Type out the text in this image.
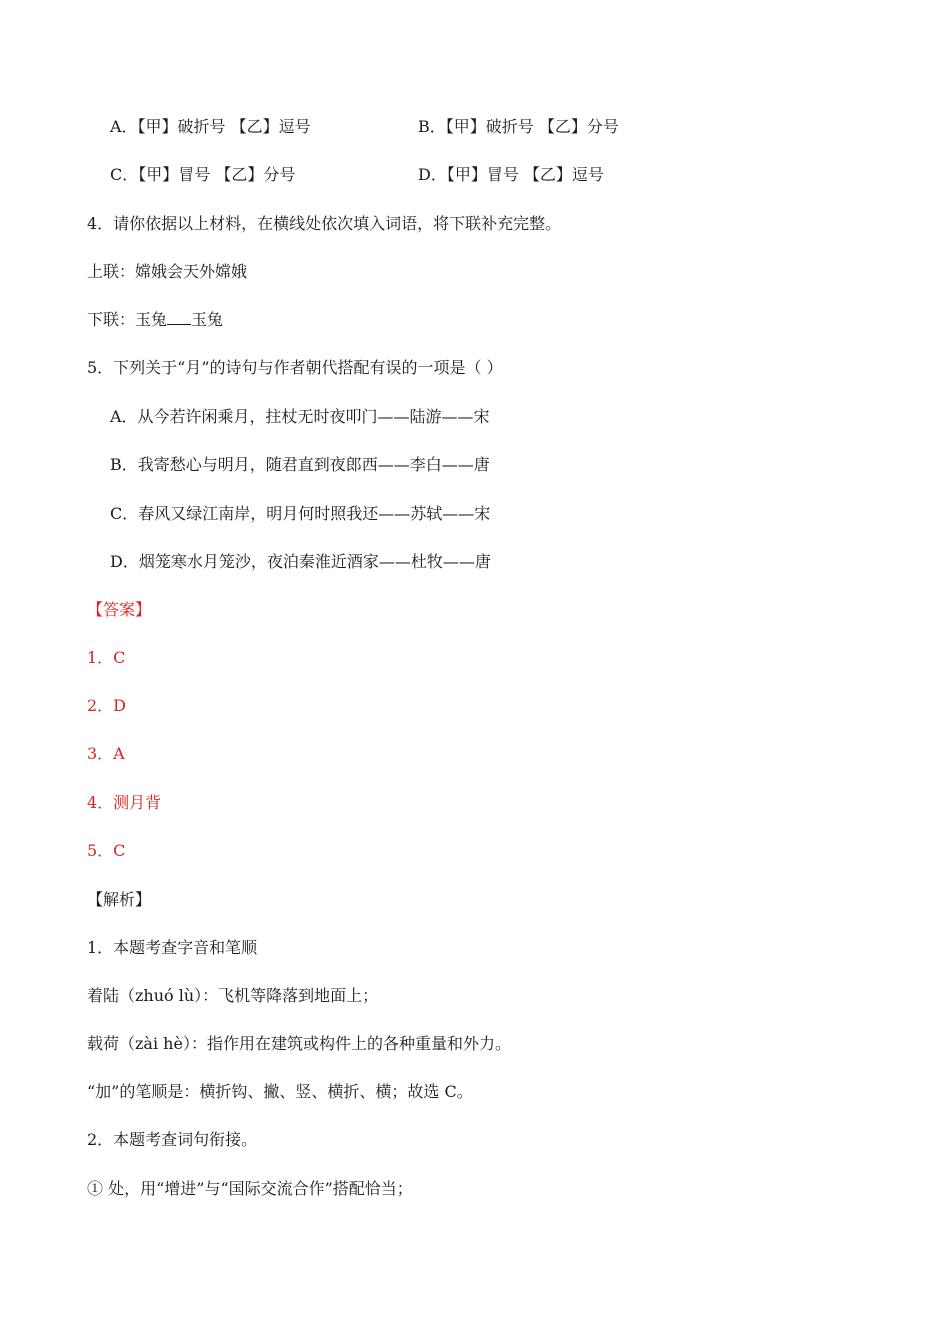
A．【甲】破折号 【乙】逗号	B．【甲】破折号 【乙】分号
C．【甲】冒号 【乙】分号	D．【甲】冒号 【乙】逗号
4．请你依据以上材料，在横线处依次填入词语，将下联补充完整。
上联：嫦娥会天外嫦娥
下联：玉兔 玉兔
5．下列关于“月”的诗句与作者朝代搭配有误的一项是（ ）
A．从今若许闲乘月，拄杖无时夜叩门——陆游——宋
B．我寄愁心与明月，随君直到夜郎西——李白——唐
C．春风又绿江南岸，明月何时照我还——苏轼——宋
D．烟笼寒水月笼沙，夜泊秦淮近酒家——杜牧——唐
【答案】
1．C
2．D
3．A
4．测月背
5．C
【解析】
1．本题考查字音和笔顺
着陆（zhuó lù）：飞机等降落到地面上；
载荷（zài hè）：指作用在建筑或构件上的各种重量和外力。
“加”的笔顺是：横折钩、撇、竖、横折、横；故选 C。
2．本题考查词句衔接。
① 处，用“增进”与“国际交流合作”搭配恰当；
